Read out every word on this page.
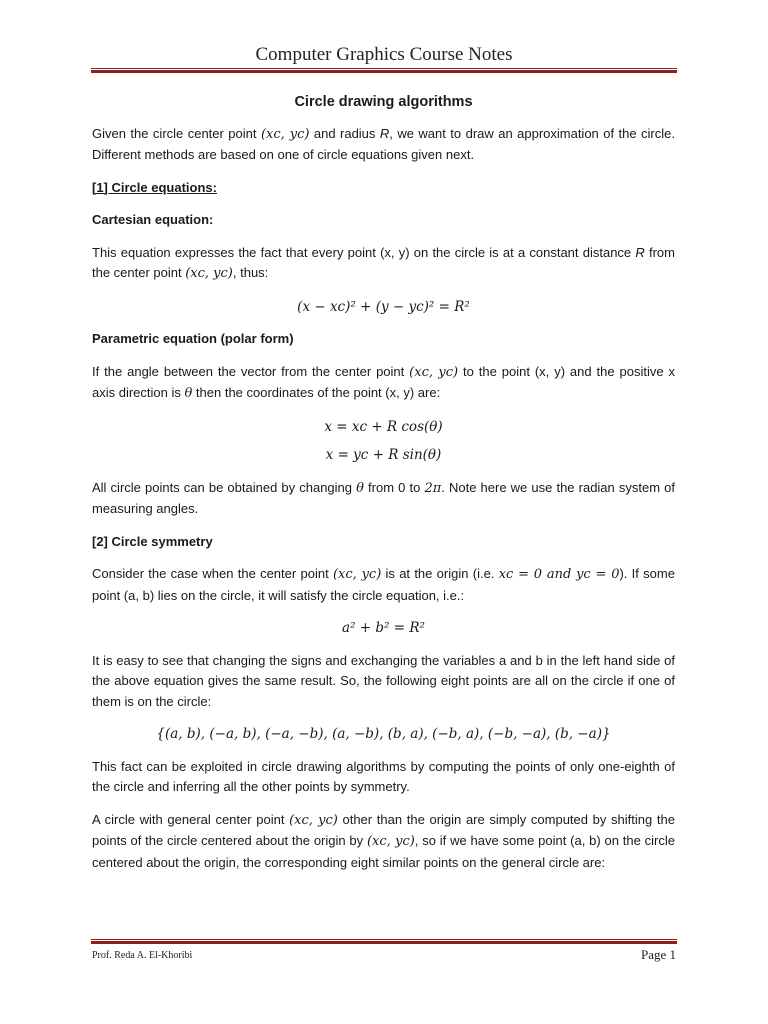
Computer Graphics Course Notes
Circle drawing algorithms

Given the circle center point (xc, yc) and radius R, we want to draw an approximation of the circle. Different methods are based on one of circle equations given next.

[1] Circle equations:
Cartesian equation:

This equation expresses the fact that every point (x, y) on the circle is at a constant distance R from the center point (xc, yc), thus:

(x − xc)² + (y − yc)² = R²
Parametric equation (polar form)

If the angle between the vector from the center point (xc, yc) to the point (x, y) and the positive x axis direction is θ then the coordinates of the point (x, y) are:

x = xc + R cos(θ)
x = yc + R sin(θ)

All circle points can be obtained by changing θ from 0 to 2π. Note here we use the radian system of measuring angles.

[2] Circle symmetry

Consider the case when the center point (xc, yc) is at the origin (i.e. xc = 0 and yc = 0). If some point (a, b) lies on the circle, it will satisfy the circle equation, i.e.:

a² + b² = R²

It is easy to see that changing the signs and exchanging the variables a and b in the left hand side of the above equation gives the same result. So, the following eight points are all on the circle if one of them is on the circle:

{(a, b), (−a, b), (−a, −b), (a, −b), (b, a), (−b, a), (−b, −a), (b, −a)}

This fact can be exploited in circle drawing algorithms by computing the points of only one-eighth of the circle and inferring all the other points by symmetry.

A circle with general center point (xc, yc) other than the origin are simply computed by shifting the points of the circle centered about the origin by (xc, yc), so if we have some point (a, b) on the circle centered about the origin, the corresponding eight similar points on the general circle are:

Prof. Reda A. El-Khoribi	Page 1
